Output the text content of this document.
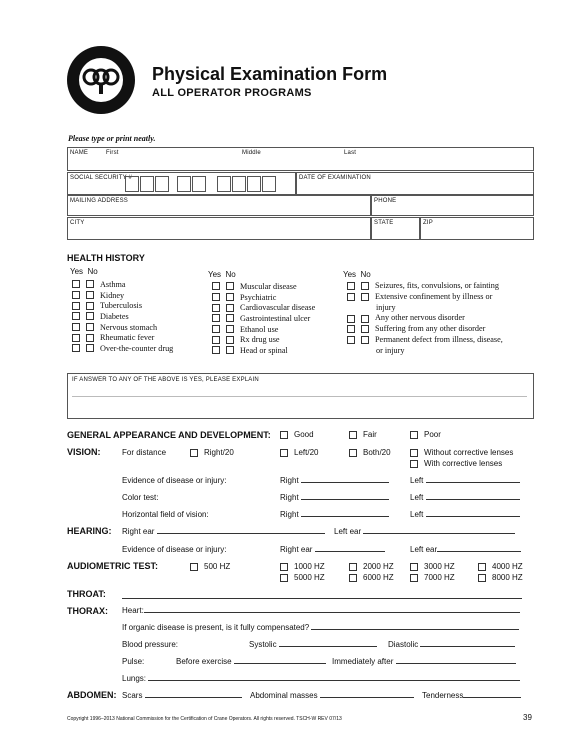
Physical Examination Form
ALL OPERATOR PROGRAMS
Please type or print neatly.
NAME	First	Middle	Last
SOCIAL SECURITY #	DATE OF EXAMINATION
MAILING ADDRESS	PHONE
CITY	STATE	ZIP
HEALTH HISTORY
Yes No	Yes No	Yes No
Asthma
Kidney
Tuberculosis
Diabetes
Nervous stomach
Rheumatic fever
Over-the-counter drug
Muscular disease
Psychiatric
Cardiovascular disease
Gastrointestinal ulcer
Ethanol use
Rx drug use
Head or spinal
Seizures, fits, convulsions, or fainting
Extensive confinement by illness or
injury
Any other nervous disorder
Suffering from any other disorder
Permanent defect from illness, disease,
or injury
IF ANSWER TO ANY OF THE ABOVE IS YES, PLEASE EXPLAIN
GENERAL APPEARANCE AND DEVELOPMENT:	Good	Fair	Poor
VISION:	For distance	Right/20	Left/20	Both/20	Without corrective lenses
With corrective lenses
Evidence of disease or injury:	Right	Left
Color test:	Right	Left
Horizontal field of vision:	Right	Left
HEARING: Right ear	Left ear
Evidence of disease or injury:	Right ear	Left ear
AUDIOMETRIC TEST:	500 HZ	1000 HZ	2000 HZ	3000 HZ	4000 HZ
5000 HZ	6000 HZ	7000 HZ	8000 HZ
THROAT:
THORAX: Heart:
If organic disease is present, is it fully compensated?
Blood pressure:	Systolic	Diastolic
Pulse:	Before exercise	Immediately after
Lungs:
ABDOMEN: Scars	Abdominal masses	Tenderness
Copyright 1996–2013 National Commission for the Certification of Crane Operators. All rights reserved. TSCH-W REV 07/13	39
